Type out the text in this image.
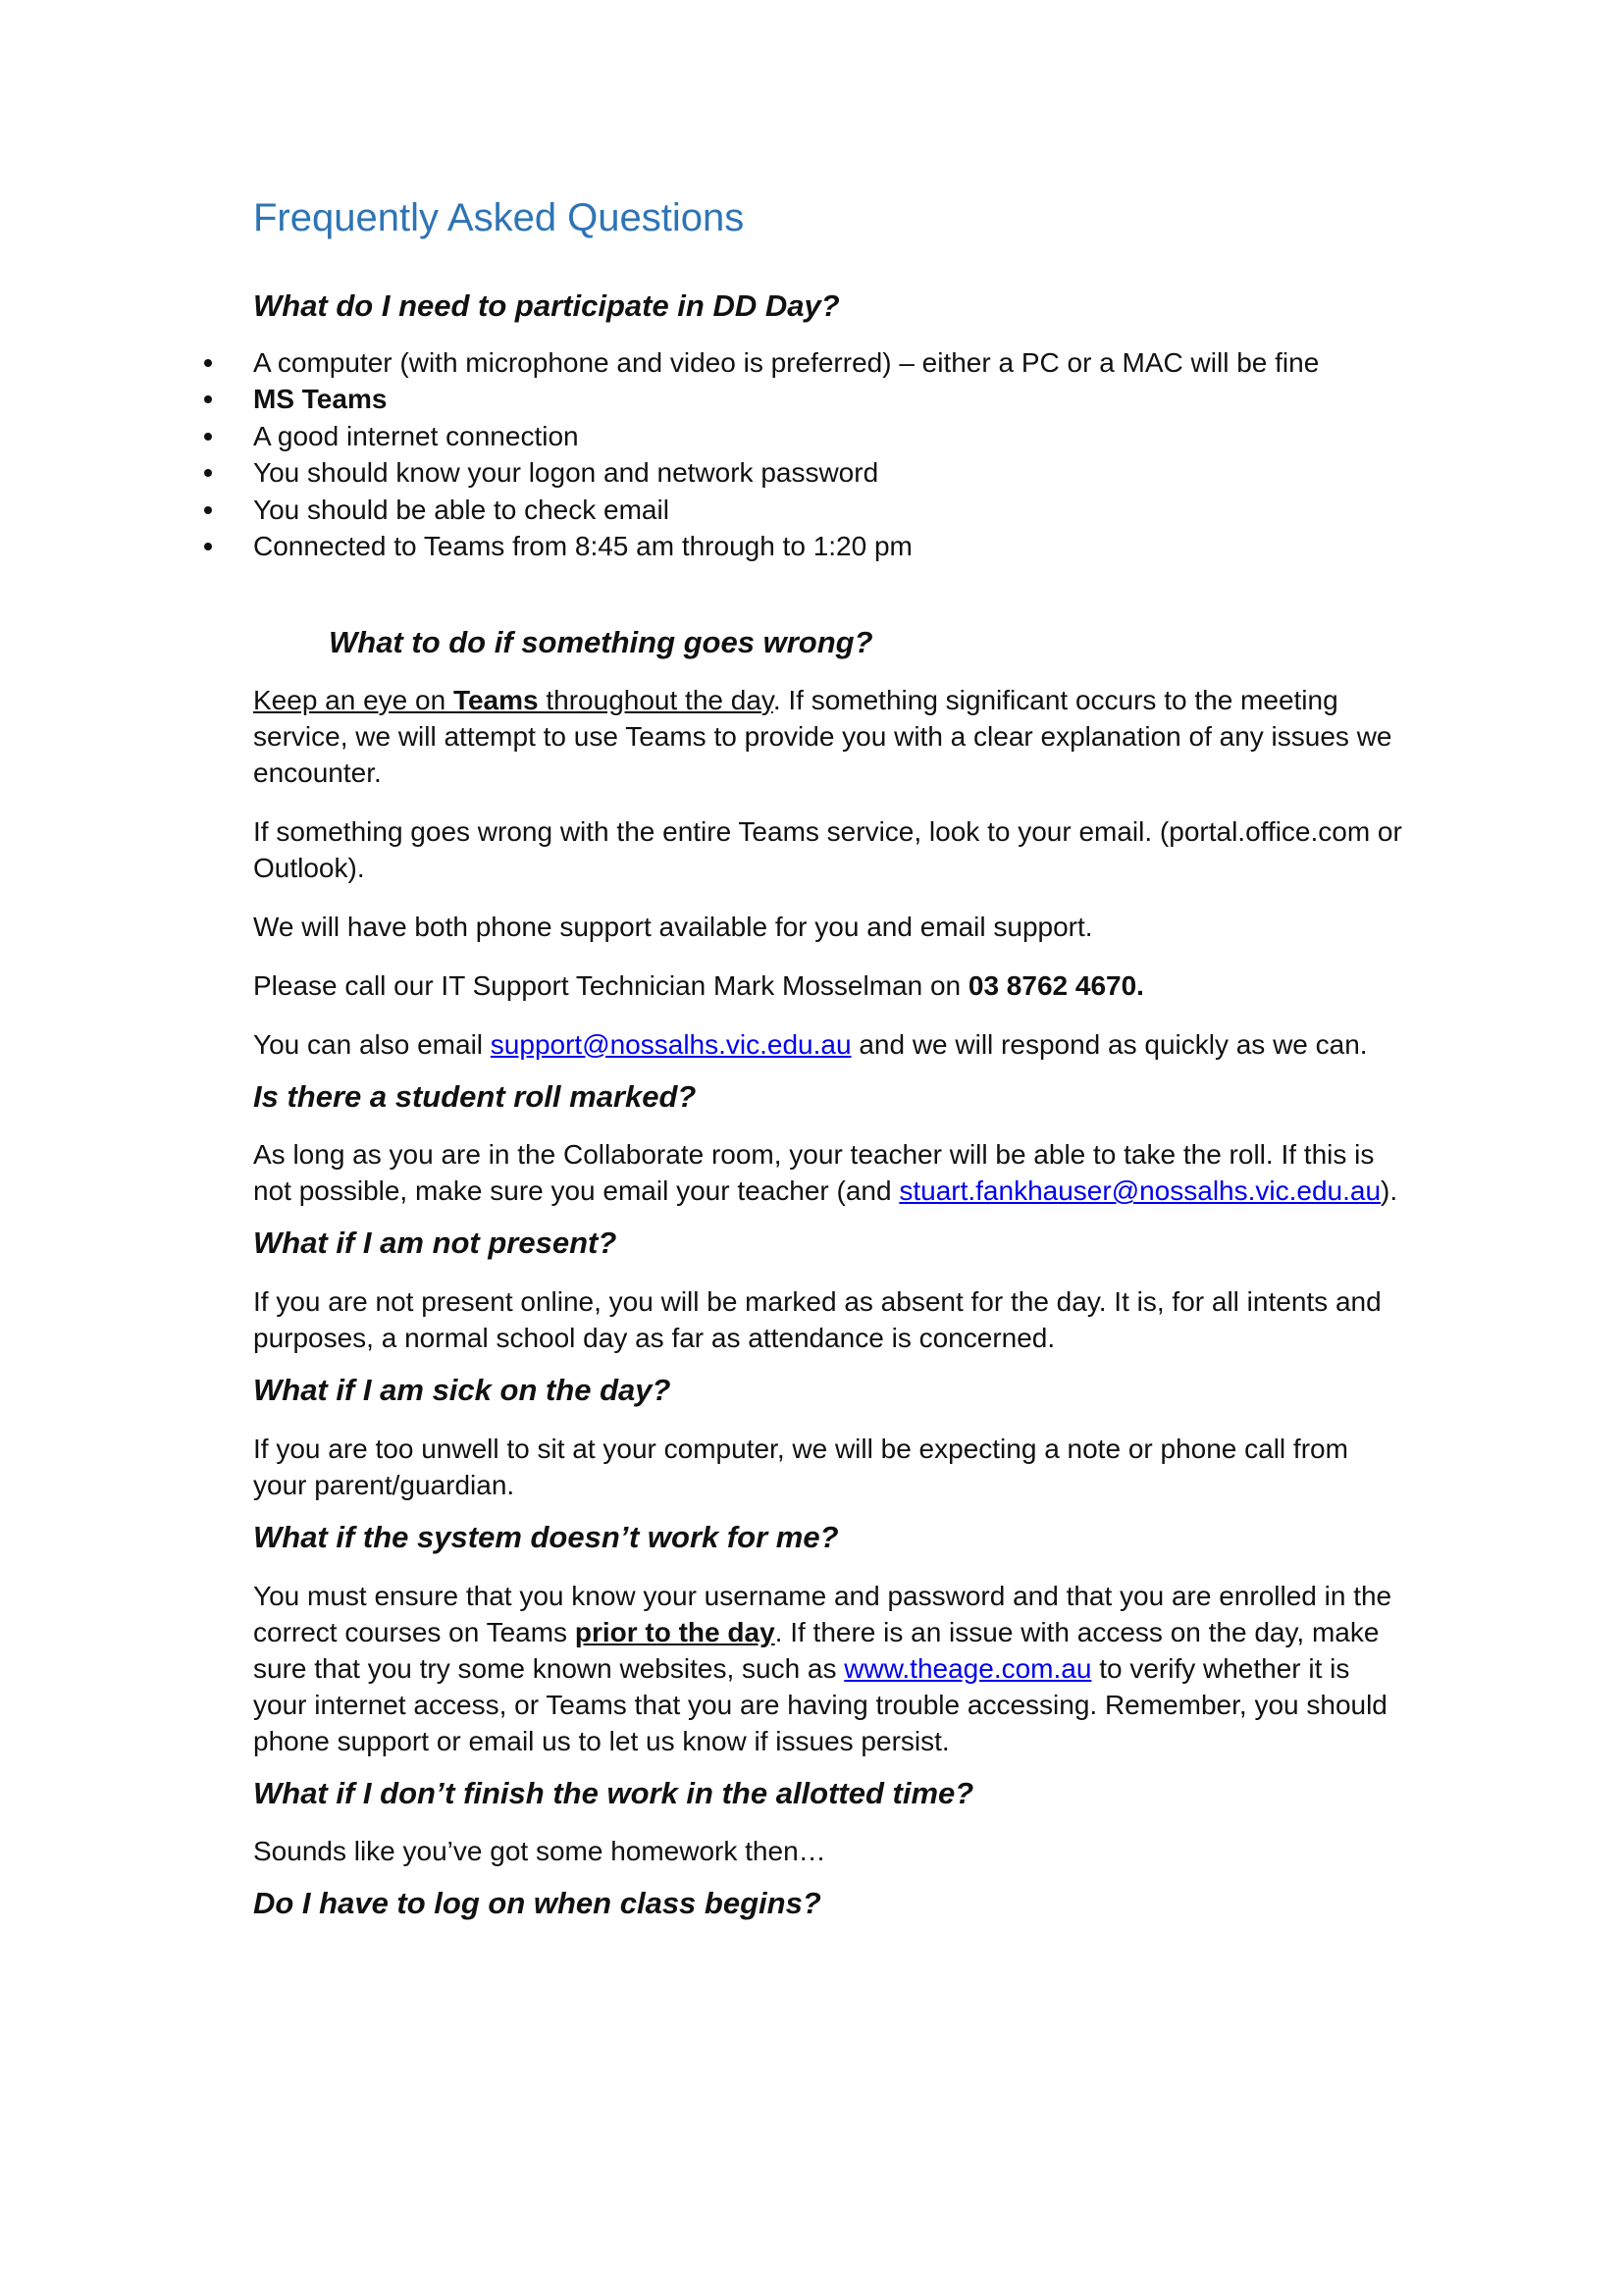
Frequently Asked Questions
What do I need to participate in DD Day?
A computer (with microphone and video is preferred) – either a PC or a MAC will be fine
MS Teams
A good internet connection
You should know your logon and network password
You should be able to check email
Connected to Teams from 8:45 am through to 1:20 pm
What to do if something goes wrong?

Keep an eye on Teams throughout the day. If something significant occurs to the meeting service, we will attempt to use Teams to provide you with a clear explanation of any issues we encounter.

If something goes wrong with the entire Teams service, look to your email. (portal.office.com or Outlook).

We will have both phone support available for you and email support.

Please call our IT Support Technician Mark Mosselman on 03 8762 4670.

You can also email support@nossalhs.vic.edu.au and we will respond as quickly as we can.

Is there a student roll marked?

As long as you are in the Collaborate room, your teacher will be able to take the roll. If this is not possible, make sure you email your teacher (and stuart.fankhauser@nossalhs.vic.edu.au).

What if I am not present?

If you are not present online, you will be marked as absent for the day. It is, for all intents and purposes, a normal school day as far as attendance is concerned.

What if I am sick on the day?

If you are too unwell to sit at your computer, we will be expecting a note or phone call from your parent/guardian.

What if the system doesn’t work for me?

You must ensure that you know your username and password and that you are enrolled in the correct courses on Teams prior to the day. If there is an issue with access on the day, make sure that you try some known websites, such as www.theage.com.au to verify whether it is your internet access, or Teams that you are having trouble accessing. Remember, you should phone support or email us to let us know if issues persist.

What if I don’t finish the work in the allotted time?

Sounds like you’ve got some homework then…

Do I have to log on when class begins?
